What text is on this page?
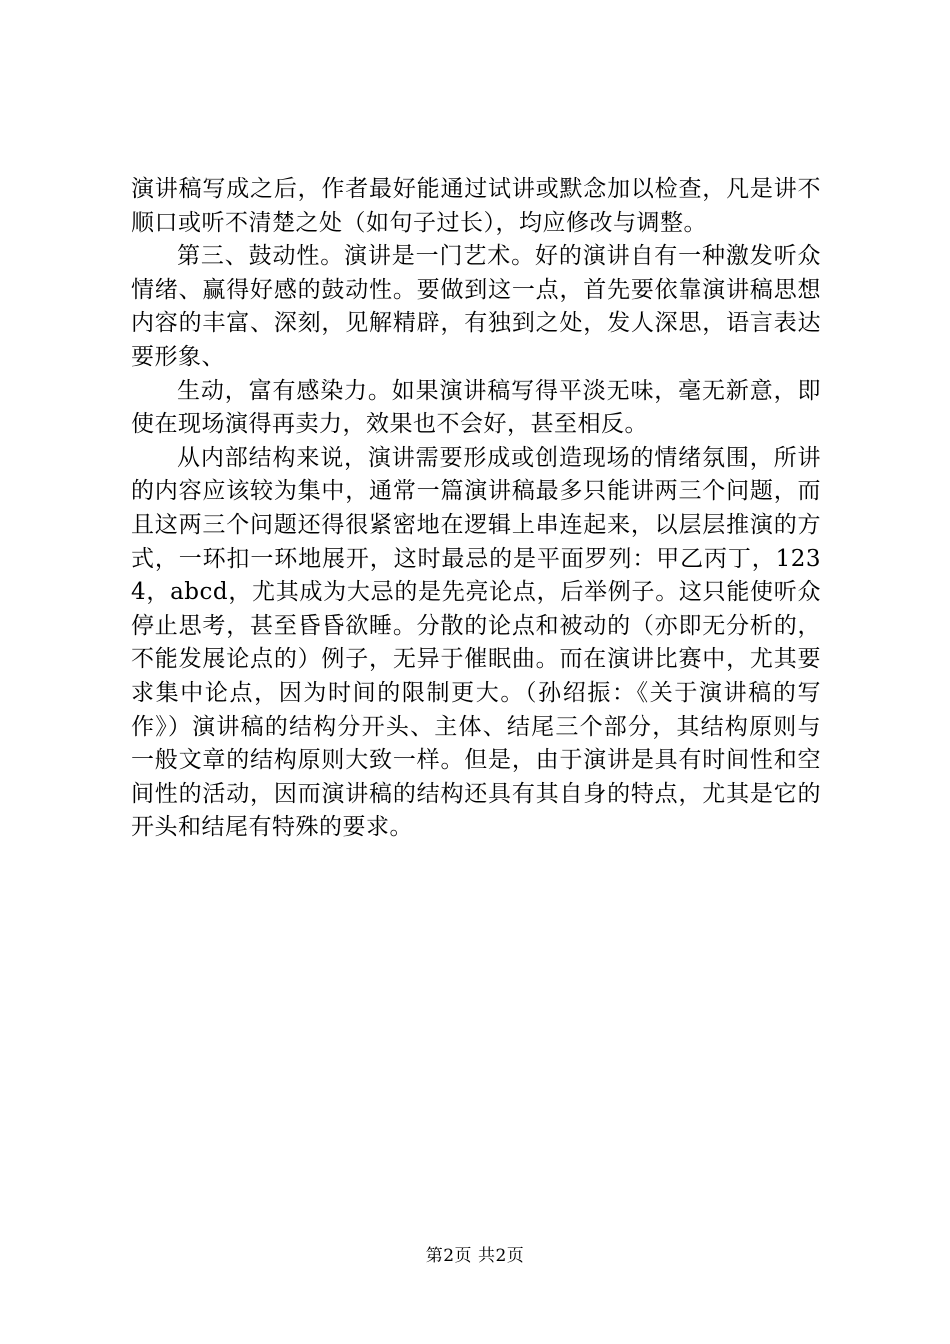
演讲稿写成之后，作者最好能通过试讲或默念加以检查，凡是讲不顺口或听不清楚之处（如句子过长），均应修改与调整。

第三、鼓动性。演讲是一门艺术。好的演讲自有一种激发听众情绪、赢得好感的鼓动性。要做到这一点，首先要依靠演讲稿思想内容的丰富、深刻，见解精辟，有独到之处，发人深思，语言表达要形象、

生动，富有感染力。如果演讲稿写得平淡无味，毫无新意，即使在现场演得再卖力，效果也不会好，甚至相反。

从内部结构来说，演讲需要形成或创造现场的情绪氛围，所讲的内容应该较为集中，通常一篇演讲稿最多只能讲两三个问题，而且这两三个问题还得很紧密地在逻辑上串连起来，以层层推演的方式，一环扣一环地展开，这时最忌的是平面罗列：甲乙丙丁，1234，abcd，尤其成为大忌的是先亮论点，后举例子。这只能使听众停止思考，甚至昏昏欲睡。分散的论点和被动的（亦即无分析的，不能发展论点的）例子，无异于催眠曲。而在演讲比赛中，尤其要求集中论点，因为时间的限制更大。（孙绍振：《关于演讲稿的写作》）演讲稿的结构分开头、主体、结尾三个部分，其结构原则与一般文章的结构原则大致一样。但是，由于演讲是具有时间性和空间性的活动，因而演讲稿的结构还具有其自身的特点，尤其是它的开头和结尾有特殊的要求。

第2页 共2页
